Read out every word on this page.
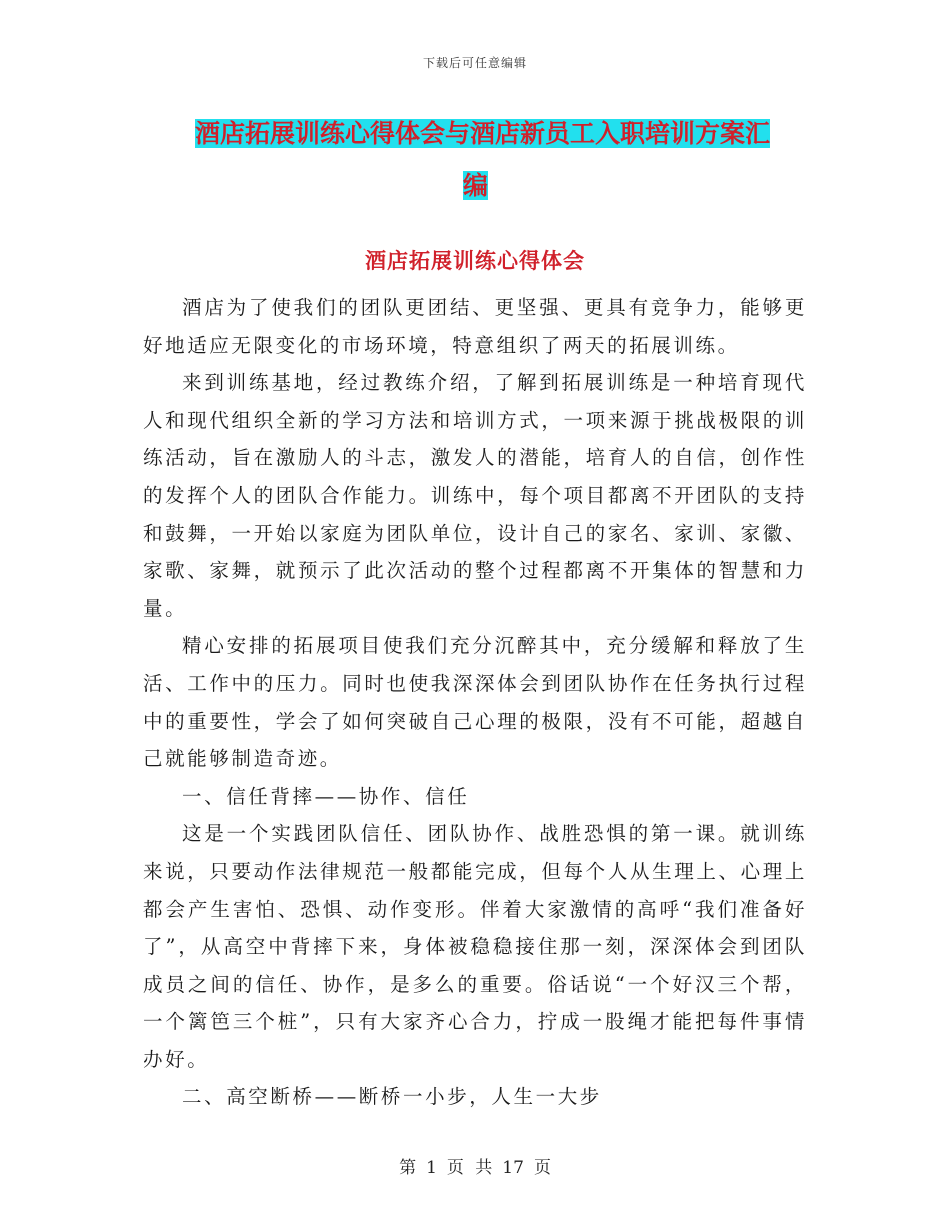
下载后可任意编辑
酒店拓展训练心得体会与酒店新员工入职培训方案汇
编
酒店拓展训练心得体会

酒店为了使我们的团队更团结、更坚强、更具有竞争力，能够更好地适应无限变化的市场环境，特意组织了两天的拓展训练。

来到训练基地，经过教练介绍，了解到拓展训练是一种培育现代人和现代组织全新的学习方法和培训方式，一项来源于挑战极限的训练活动，旨在激励人的斗志，激发人的潜能，培育人的自信，创作性的发挥个人的团队合作能力。训练中，每个项目都离不开团队的支持和鼓舞，一开始以家庭为团队单位，设计自己的家名、家训、家徽、家歌、家舞，就预示了此次活动的整个过程都离不开集体的智慧和力量。

精心安排的拓展项目使我们充分沉醉其中，充分缓解和释放了生活、工作中的压力。同时也使我深深体会到团队协作在任务执行过程中的重要性，学会了如何突破自己心理的极限，没有不可能，超越自己就能够制造奇迹。

一、信任背摔——协作、信任

这是一个实践团队信任、团队协作、战胜恐惧的第一课。就训练来说，只要动作法律规范一般都能完成，但每个人从生理上、心理上都会产生害怕、恐惧、动作变形。伴着大家激情的高呼“我们准备好了”，从高空中背摔下来，身体被稳稳接住那一刻，深深体会到团队成员之间的信任、协作，是多么的重要。俗话说“一个好汉三个帮，一个篱笆三个桩”，只有大家齐心合力，拧成一股绳才能把每件事情办好。

二、高空断桥——断桥一小步，人生一大步

第 1 页 共 17 页
